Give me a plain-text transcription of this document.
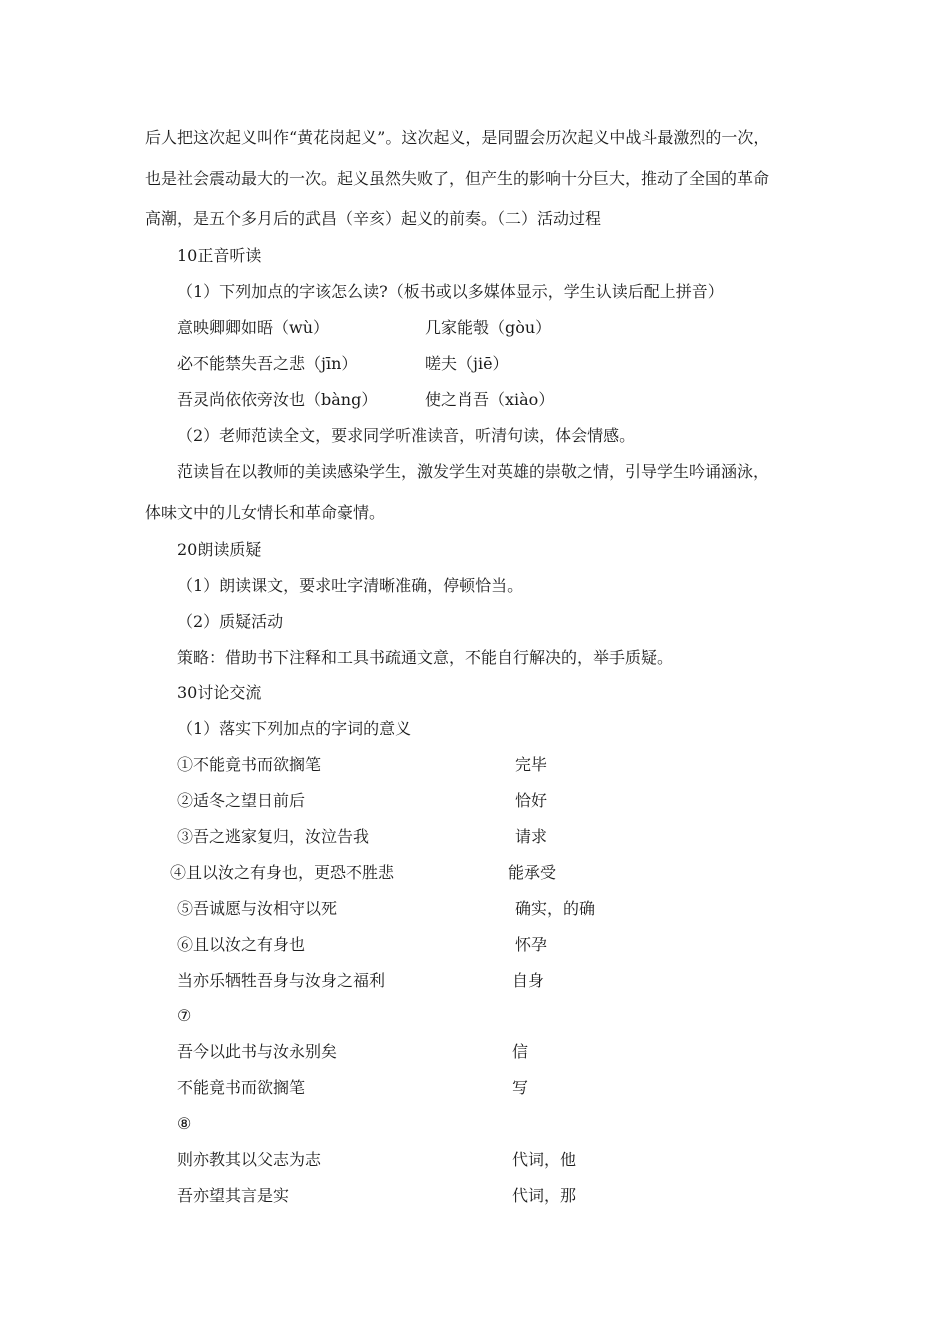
后人把这次起义叫作“黄花岗起义”。这次起义，是同盟会历次起义中战斗最激烈的一次，
也是社会震动最大的一次。起义虽然失败了，但产生的影响十分巨大，推动了全国的革命
高潮，是五个多月后的武昌（辛亥）起义的前奏。（二）活动过程
10正音听读
（1）下列加点的字该怎么读?（板书或以多媒体显示，学生认读后配上拼音）
意映卿卿如晤（wù）	几家能彀（gòu）
必不能禁失吾之悲（jīn）	嗟夫（jiē）
吾灵尚依依旁汝也（bàng）	使之肖吾（xiào）
（2）老师范读全文，要求同学听准读音，听清句读，体会情感。
范读旨在以教师的美读感染学生，激发学生对英雄的崇敬之情，引导学生吟诵涵泳，
体味文中的儿女情长和革命豪情。
20朗读质疑
（1）朗读课文，要求吐字清晰准确，停顿恰当。
（2）质疑活动
策略：借助书下注释和工具书疏通文意，不能自行解决的，举手质疑。
30讨论交流
（1）落实下列加点的字词的意义
①不能竟书而欲搁笔	完毕
②适冬之望日前后	恰好
③吾之逃家复归，汝泣告我	请求
④且以汝之有身也，更恐不胜悲	能承受
⑤吾诚愿与汝相守以死	确实，的确
⑥且以汝之有身也	怀孕
当亦乐牺牲吾身与汝身之福利	自身
⑦
吾今以此书与汝永别矣	信
不能竟书而欲搁笔	写
⑧
则亦教其以父志为志	代词，他
吾亦望其言是实	代词，那
